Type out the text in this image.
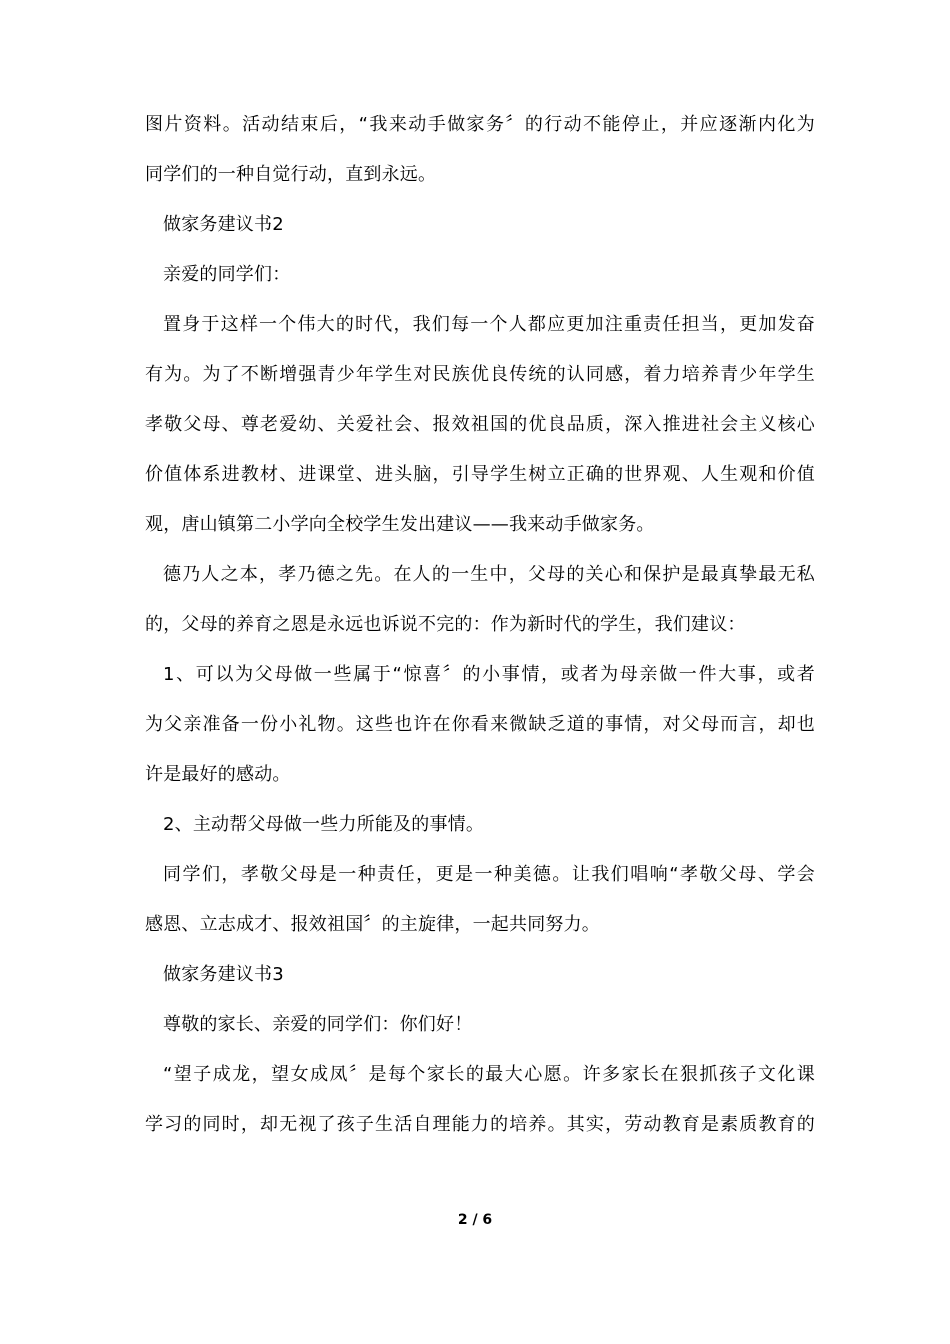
图片资料。活动结束后，“我来动手做家务〞的行动不能停止，并应逐渐内化为
同学们的一种自觉行动，直到永远。
做家务建议书2
亲爱的同学们：
置身于这样一个伟大的时代，我们每一个人都应更加注重责任担当，更加发奋
有为。为了不断增强青少年学生对民族优良传统的认同感，着力培养青少年学生
孝敬父母、尊老爱幼、关爱社会、报效祖国的优良品质，深入推进社会主义核心
价值体系进教材、进课堂、进头脑，引导学生树立正确的世界观、人生观和价值
观，唐山镇第二小学向全校学生发出建议——我来动手做家务。
德乃人之本，孝乃德之先。在人的一生中，父母的关心和保护是最真挚最无私
的，父母的养育之恩是永远也诉说不完的：作为新时代的学生，我们建议：
1、可以为父母做一些属于“惊喜〞的小事情，或者为母亲做一件大事，或者
为父亲准备一份小礼物。这些也许在你看来微缺乏道的事情，对父母而言，却也
许是最好的感动。
2、主动帮父母做一些力所能及的事情。
同学们，孝敬父母是一种责任，更是一种美德。让我们唱响“孝敬父母、学会
感恩、立志成才、报效祖国〞的主旋律，一起共同努力。
做家务建议书3
尊敬的家长、亲爱的同学们：你们好！
“望子成龙，望女成凤〞是每个家长的最大心愿。许多家长在狠抓孩子文化课
学习的同时，却无视了孩子生活自理能力的培养。其实，劳动教育是素质教育的
2 / 6
